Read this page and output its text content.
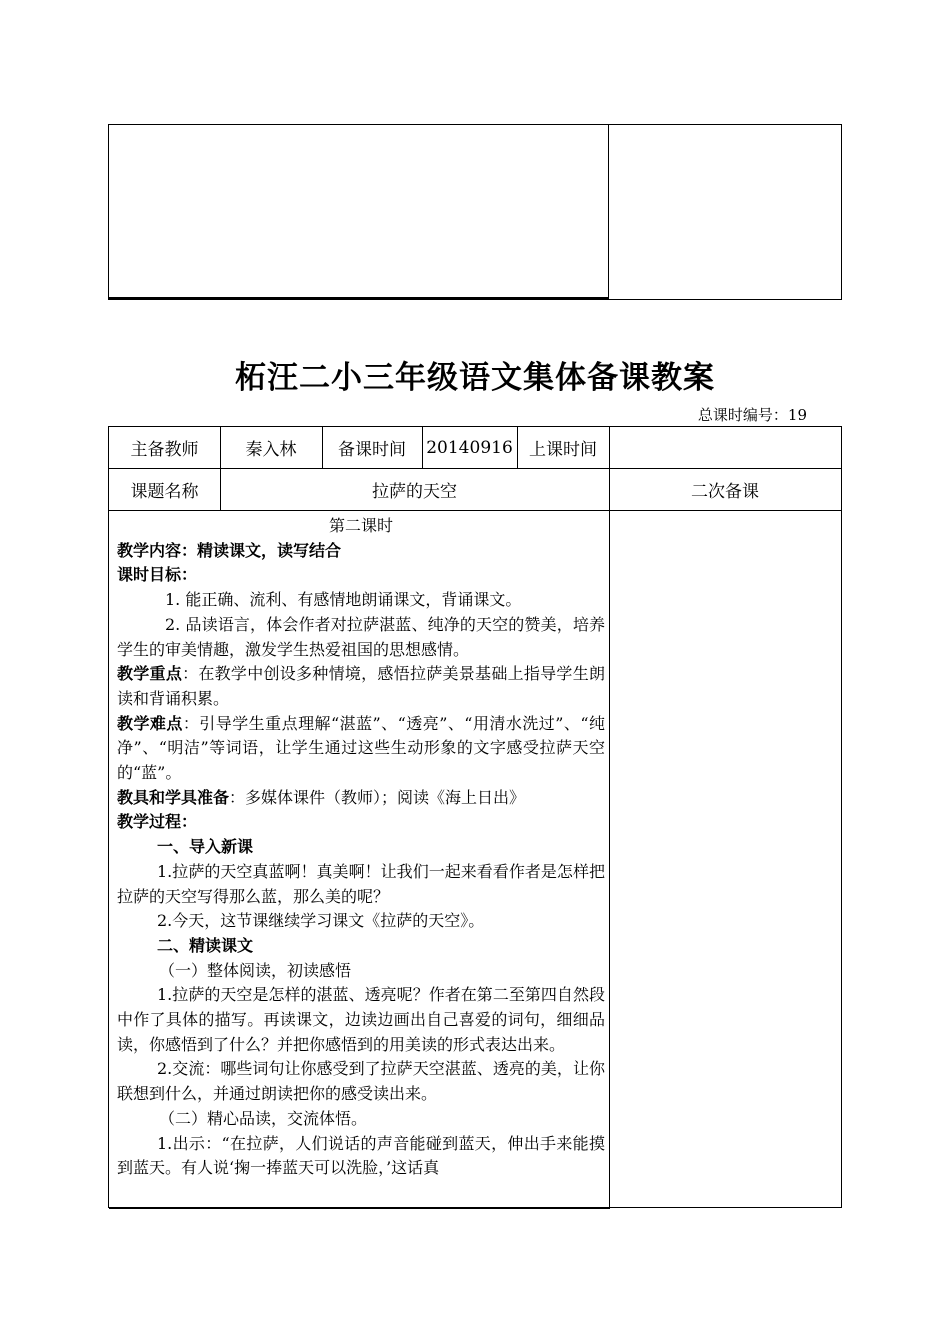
柘汪二小三年级语文集体备课教案
总课时编号：19
主备教师	秦入林	备课时间	20140916 上课时间
课题名称	拉萨的天空	二次备课

第二课时

教学内容：精读课文，读写结合

课时目标：

1. 能正确、流利、有感情地朗诵课文，背诵课文。

2. 品读语言，体会作者对拉萨湛蓝、纯净的天空的赞美，培养学生的审美情趣，激发学生热爱祖国的思想感情。

教学重点：在教学中创设多种情境，感悟拉萨美景基础上指导学生朗读和背诵积累。

教学难点：引导学生重点理解“湛蓝”、“透亮”、“用清水洗过”、“纯净”、“明洁”等词语，让学生通过这些生动形象的文字感受拉萨天空的“蓝”。

教具和学具准备：多媒体课件（教师）；阅读《海上日出》

教学过程：

一、导入新课

1.拉萨的天空真蓝啊！真美啊！让我们一起来看看作者是怎样把拉萨的天空写得那么蓝，那么美的呢？

2.今天，这节课继续学习课文《拉萨的天空》。

二、精读课文

（一）整体阅读，初读感悟

1.拉萨的天空是怎样的湛蓝、透亮呢？作者在第二至第四自然段中作了具体的描写。再读课文，边读边画出自己喜爱的词句，细细品读，你感悟到了什么？并把你感悟到的用美读的形式表达出来。

2.交流：哪些词句让你感受到了拉萨天空湛蓝、透亮的美，让你联想到什么，并通过朗读把你的感受读出来。

（二）精心品读，交流体悟。

1.出示：“在拉萨，人们说话的声音能碰到蓝天，伸出手来能摸到蓝天。有人说‘掬一捧蓝天可以洗脸，’这话真
